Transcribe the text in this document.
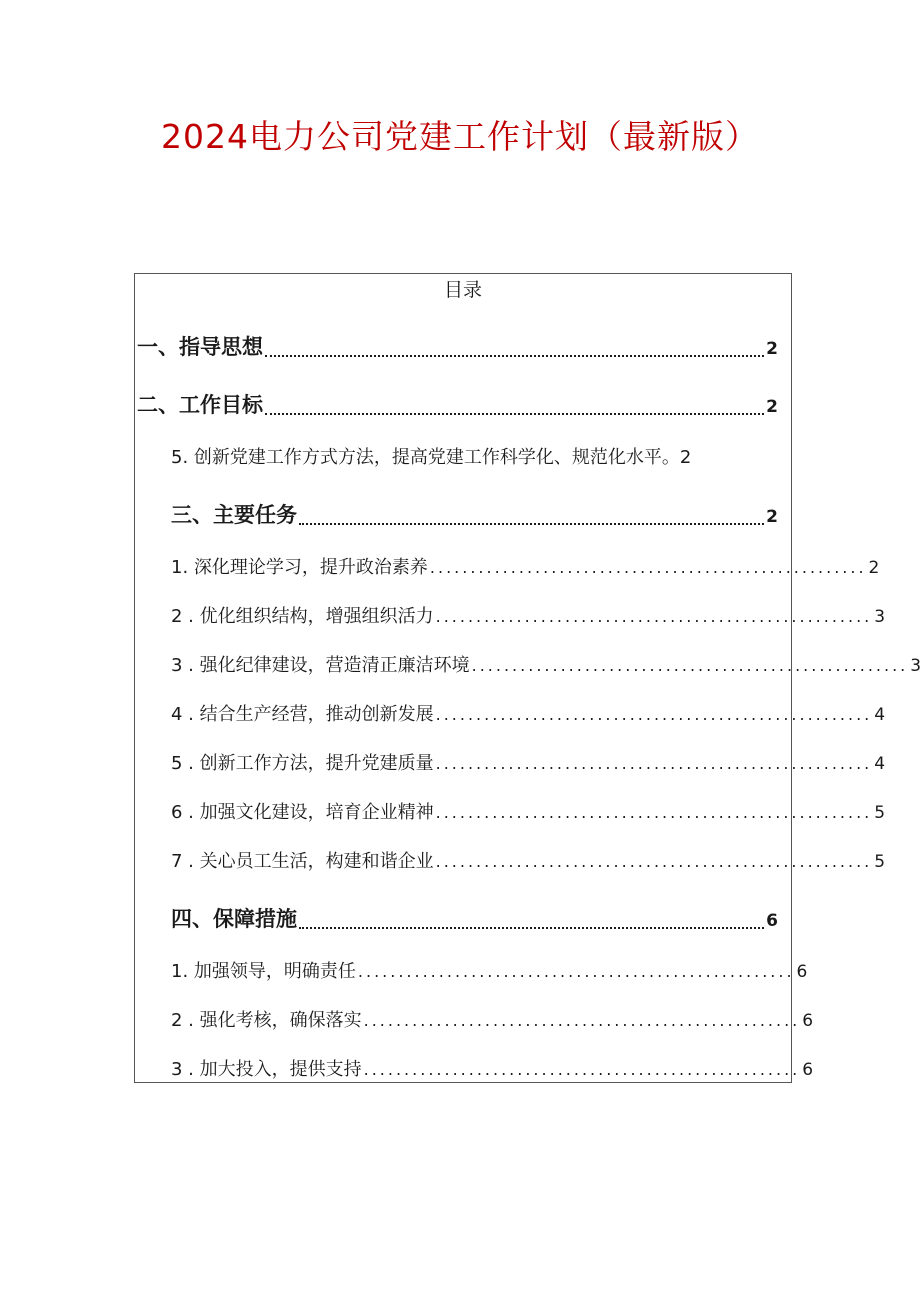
2024电力公司党建工作计划（最新版）
目录
一、指导思想	2
二、工作目标	2
5. 创新党建工作方式方法，提高党建工作科学化、规范化水平。2
三、主要任务	2
1. 深化理论学习，提升政治素养 ...................................................... 2
2 . 优化组织结构，增强组织活力 ...................................................... 3
3 . 强化纪律建设，营造清正廉洁环境 ...................................................... 3
4 . 结合生产经营，推动创新发展 ...................................................... 4
5 . 创新工作方法，提升党建质量 ...................................................... 4
6 . 加强文化建设，培育企业精神 ...................................................... 5
7 . 关心员工生活，构建和谐企业 ...................................................... 5
四、保障措施	6
1. 加强领导，明确责任 ...................................................... 6
2 . 强化考核，确保落实 ...................................................... 6
3 . 加大投入，提供支持 ...................................................... 6
